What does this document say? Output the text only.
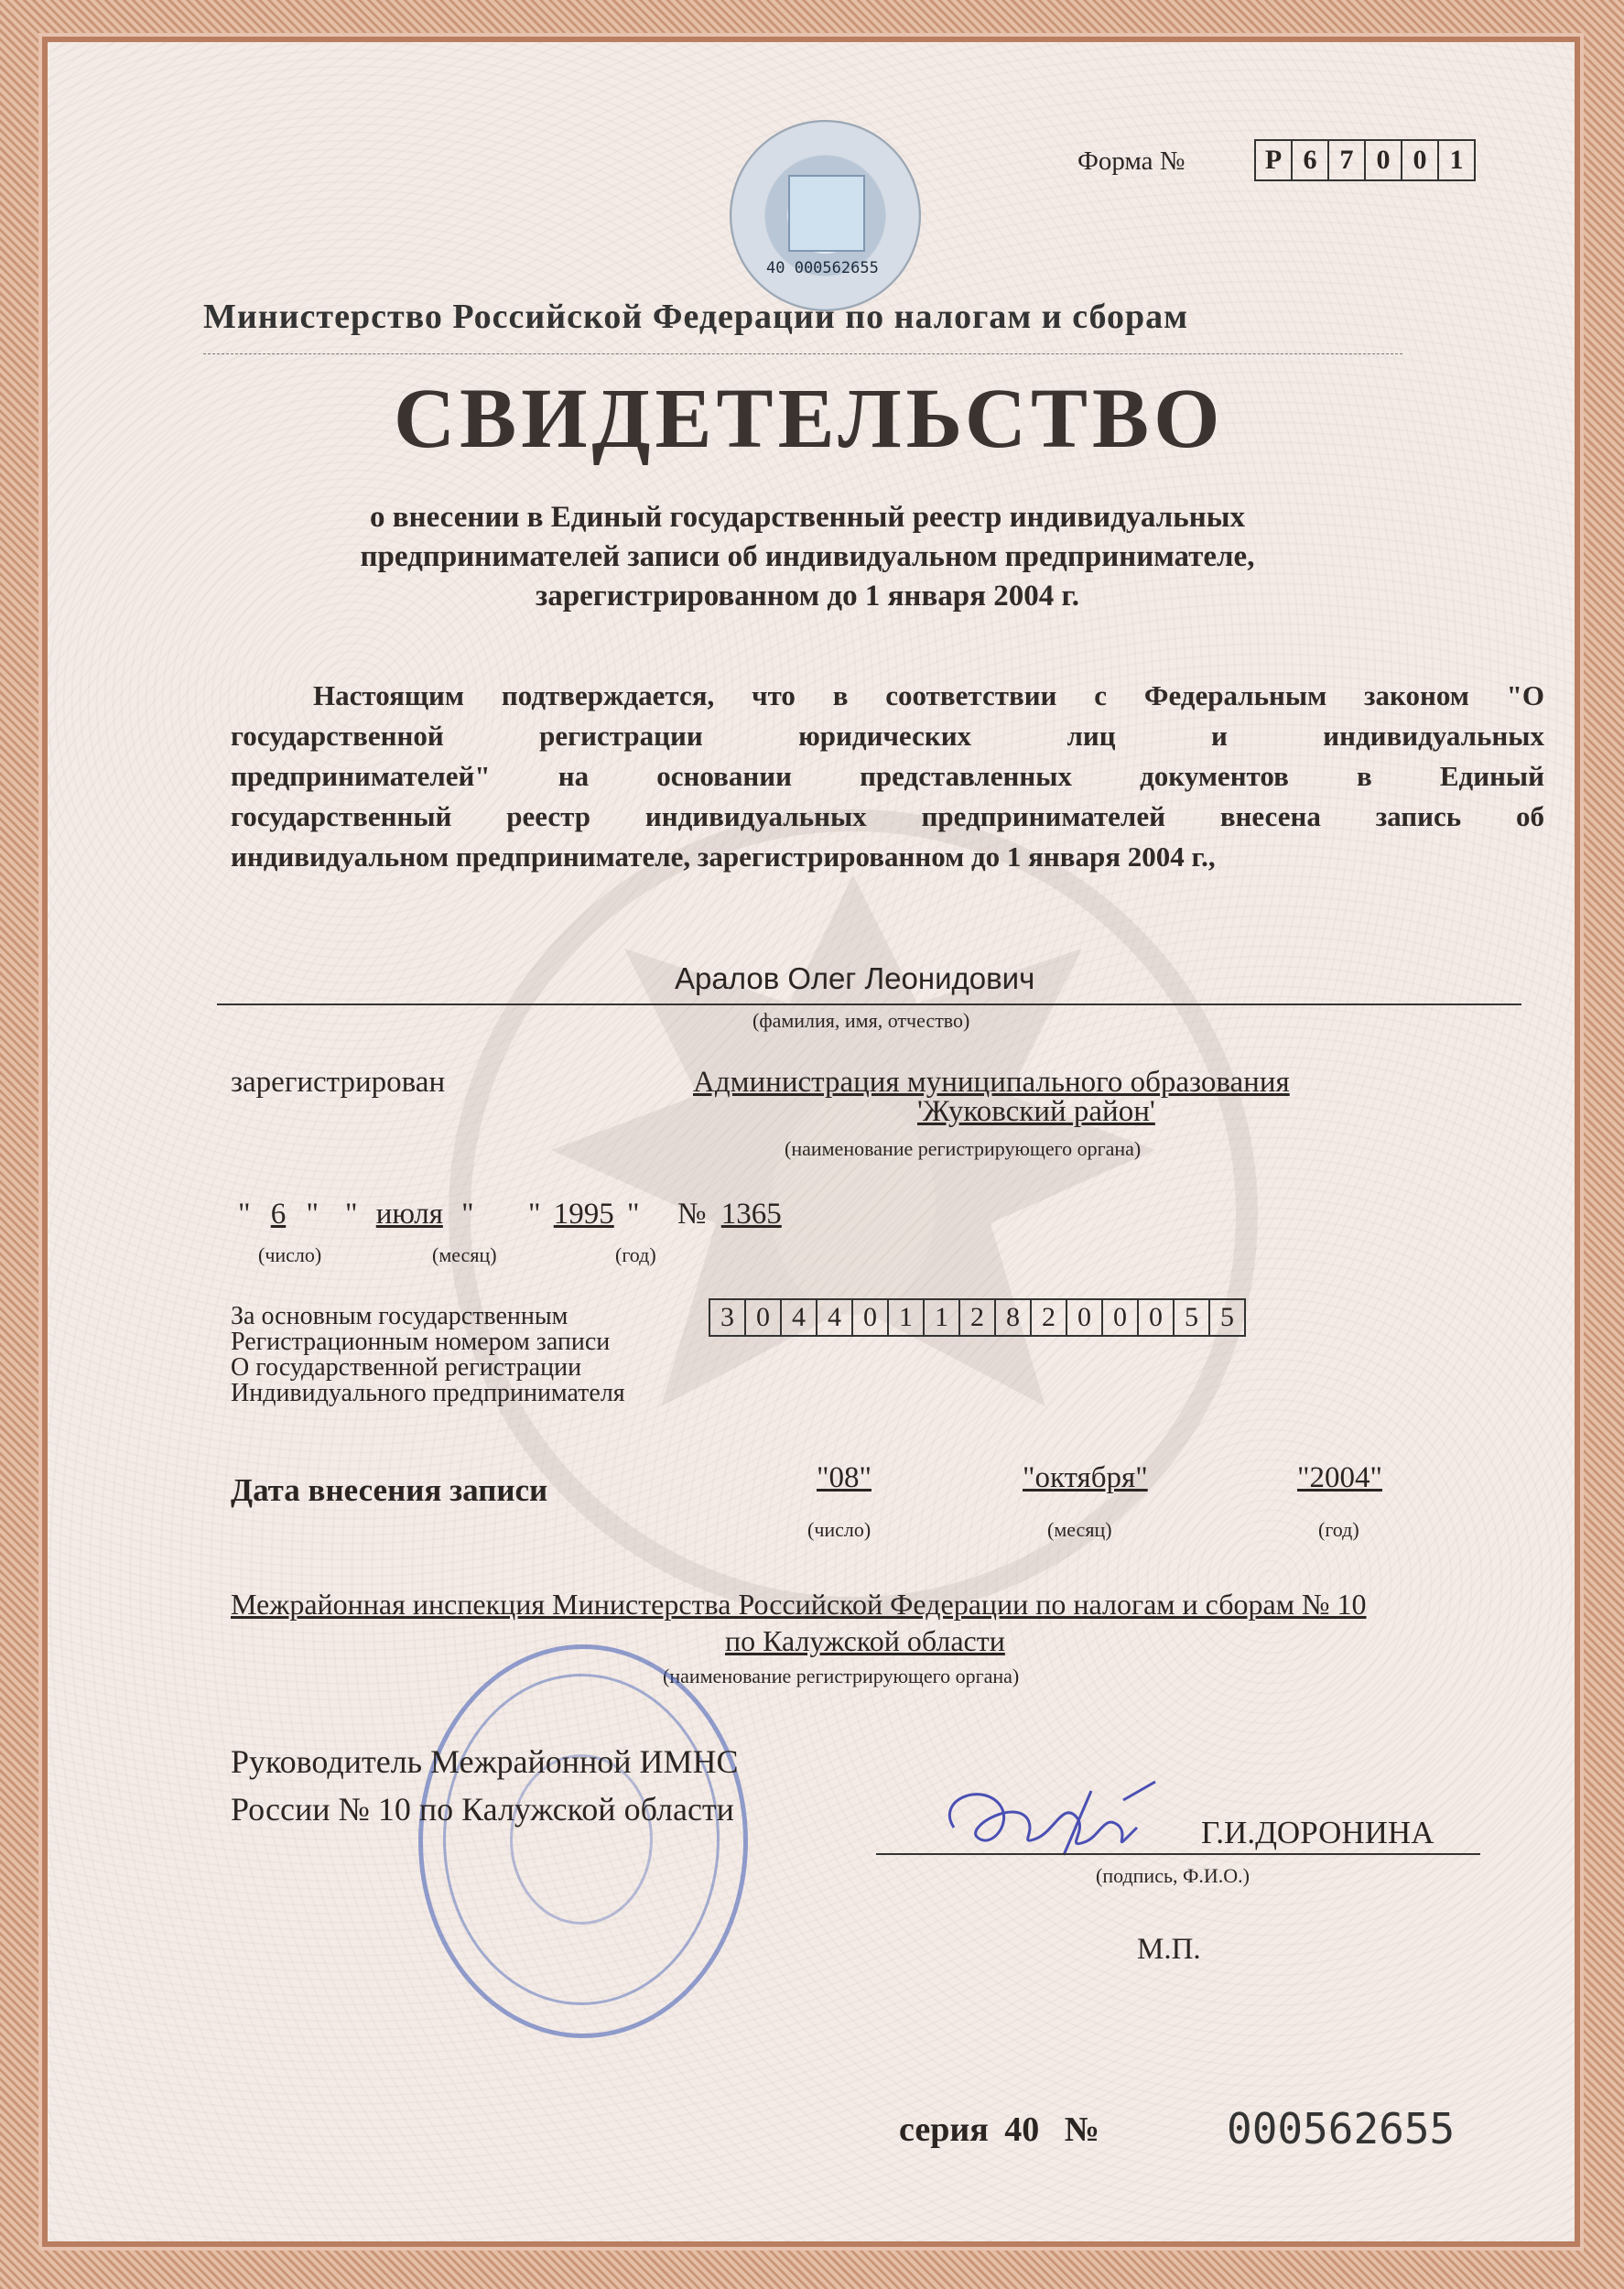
40 000562655
Форма №	Р 6 7 0 0 1
Министерство Российской Федерации по налогам и сборам
СВИДЕТЕЛЬСТВО
о внесении в Единый государственный реестр индивидуальных
предпринимателей записи об индивидуальном предпринимателе,
зарегистрированном до 1 января 2004 г.
Настоящим подтверждается, что в соответствии с Федеральным законом "О
государственной регистрации юридических лиц и индивидуальных
предпринимателей" на основании представленных документов в Единый
государственный реестр индивидуальных предпринимателей внесена запись об
индивидуальном предпринимателе, зарегистрированном до 1 января 2004 г.,
Аралов Олег Леонидович
(фамилия, имя, отчество)
зарегистрирован	Администрация муниципального образования
'Жуковский район'
(наименование регистрирующего органа)
" 6 " " июля " " 1995 " № 1365
(число)	(месяц)	(год)
За основным государственным
Регистрационным номером записи
О государственной регистрации
Индивидуального предпринимателя
3 0 4 4 0 1 1 2 8 2 0 0 0 5 5
Дата внесения записи	"08"	"октября"	"2004"
(число)	(месяц)	(год)
Межрайонная инспекция Министерства Российской Федерации по налогам и сборам № 10
по Калужской области
(наименование регистрирующего органа)
Руководитель Межрайонной ИМНС
России № 10 по Калужской области
Г.И.ДОРОНИНА
(подпись, Ф.И.О.)
М.П.
серия 40 №	000562655
